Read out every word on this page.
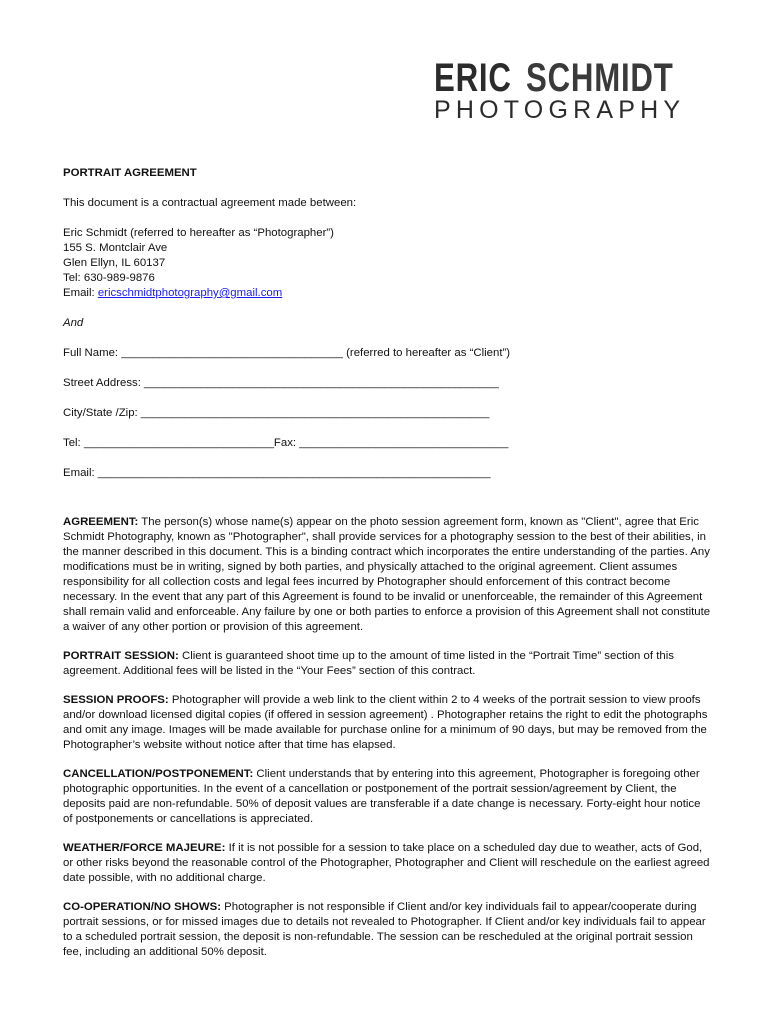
ERIC SCHMIDT
PHOTOGRAPHY
PORTRAIT AGREEMENT
This document is a contractual agreement made between:
Eric Schmidt (referred to hereafter as “Photographer”)
155 S. Montclair Ave
Glen Ellyn, IL 60137
Tel: 630-989-9876
Email: ericschmidtphotography@gmail.com
And
Full Name: ___________________________________ (referred to hereafter as “Client”)
Street Address: ________________________________________________________
City/State /Zip: _______________________________________________________
Tel: ______________________________Fax: _________________________________
Email: ______________________________________________________________
AGREEMENT: The person(s) whose name(s) appear on the photo session agreement form, known as "Client", agree that Eric Schmidt Photography, known as "Photographer", shall provide services for a photography session to the best of their abilities, in the manner described in this document. This is a binding contract which incorporates the entire understanding of the parties. Any modifications must be in writing, signed by both parties, and physically attached to the original agreement. Client assumes responsibility for all collection costs and legal fees incurred by Photographer should enforcement of this contract become necessary. In the event that any part of this Agreement is found to be invalid or unenforceable, the remainder of this Agreement shall remain valid and enforceable. Any failure by one or both parties to enforce a provision of this Agreement shall not constitute a waiver of any other portion or provision of this agreement.
PORTRAIT SESSION: Client is guaranteed shoot time up to the amount of time listed in the “Portrait Time” section of this agreement. Additional fees will be listed in the “Your Fees” section of this contract.
SESSION PROOFS: Photographer will provide a web link to the client within 2 to 4 weeks of the portrait session to view proofs and/or download licensed digital copies (if offered in session agreement) . Photographer retains the right to edit the photographs and omit any image. Images will be made available for purchase online for a minimum of 90 days, but may be removed from the Photographer’s website without notice after that time has elapsed.
CANCELLATION/POSTPONEMENT: Client understands that by entering into this agreement, Photographer is foregoing other photographic opportunities. In the event of a cancellation or postponement of the portrait session/agreement by Client, the deposits paid are non-refundable. 50% of deposit values are transferable if a date change is necessary. Forty-eight hour notice of postponements or cancellations is appreciated.
WEATHER/FORCE MAJEURE: If it is not possible for a session to take place on a scheduled day due to weather, acts of God, or other risks beyond the reasonable control of the Photographer, Photographer and Client will reschedule on the earliest agreed date possible, with no additional charge.
CO-OPERATION/NO SHOWS: Photographer is not responsible if Client and/or key individuals fail to appear/cooperate during portrait sessions, or for missed images due to details not revealed to Photographer. If Client and/or key individuals fail to appear to a scheduled portrait session, the deposit is non-refundable. The session can be rescheduled at the original portrait session fee, including an additional 50% deposit.
